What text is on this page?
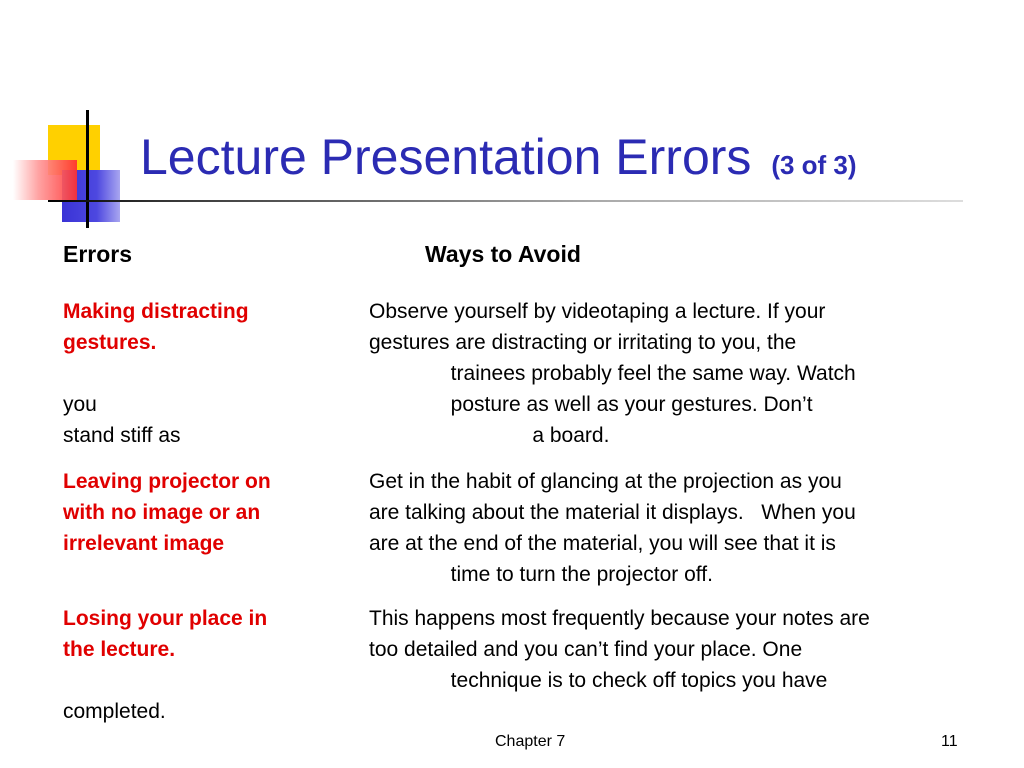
Lecture Presentation Errors (3 of 3)
Errors	Ways to Avoid
Making distracting
gestures.
Observe yourself by videotaping a lecture. If your
gestures are distracting or irritating to you, the
trainees probably feel the same way. Watch
posture as well as your gestures. Don’t
a board.
you
stand stiff as
Leaving projector on
with no image or an
irrelevant image
Get in the habit of glancing at the projection as you
are talking about the material it displays.   When you
are at the end of the material, you will see that it is
time to turn the projector off.
Losing your place in
the lecture.
This happens most frequently because your notes are
too detailed and you can’t find your place. One
technique is to check off topics you have
completed.
Chapter 7	11
